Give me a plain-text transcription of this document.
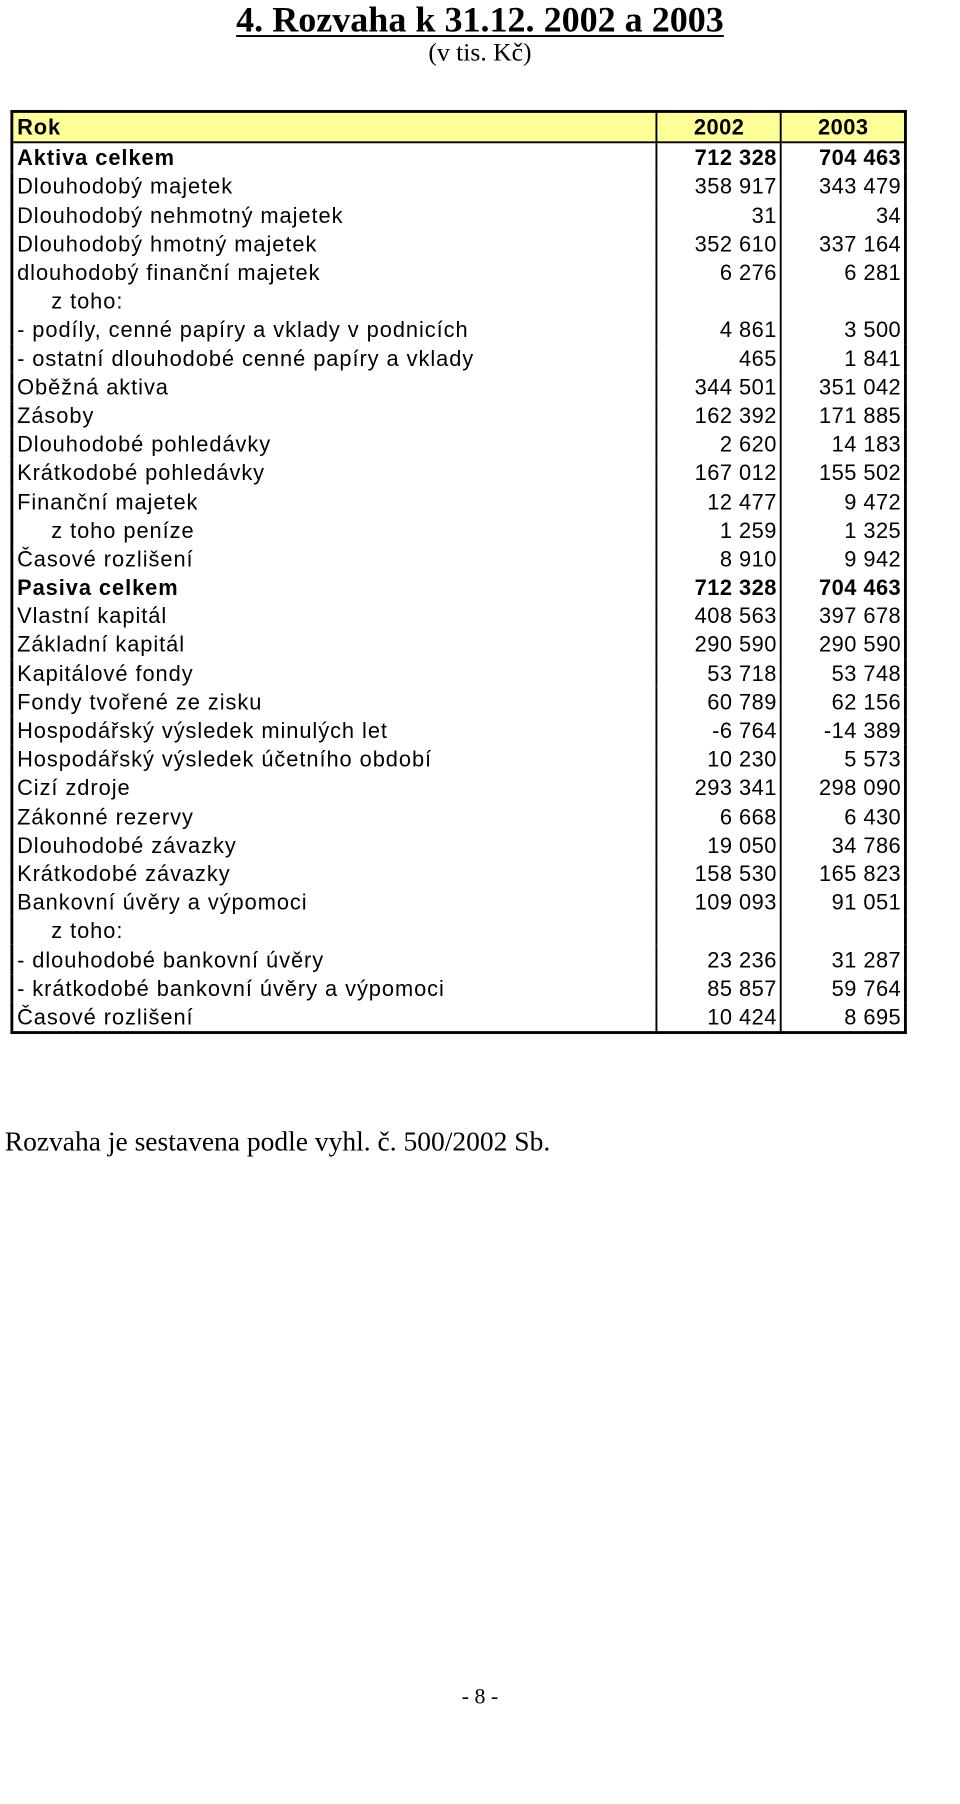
4. Rozvaha k 31.12. 2002 a 2003
(v tis. Kč)
Rok	2002	2003
Aktiva celkem	712 328	704 463
Dlouhodobý majetek	358 917	343 479
Dlouhodobý nehmotný majetek	31	34
Dlouhodobý hmotný majetek	352 610	337 164
dlouhodobý finanční majetek	6 276	6 281
z toho:		
- podíly, cenné papíry a vklady v podnicích	4 861	3 500
- ostatní dlouhodobé cenné papíry a vklady	465	1 841
Oběžná aktiva	344 501	351 042
Zásoby	162 392	171 885
Dlouhodobé pohledávky	2 620	14 183
Krátkodobé pohledávky	167 012	155 502
Finanční majetek	12 477	9 472
z toho peníze	1 259	1 325
Časové rozlišení	8 910	9 942
Pasiva celkem	712 328	704 463
Vlastní kapitál	408 563	397 678
Základní kapitál	290 590	290 590
Kapitálové fondy	53 718	53 748
Fondy tvořené ze zisku	60 789	62 156
Hospodářský výsledek minulých let	-6 764	-14 389
Hospodářský výsledek účetního období	10 230	5 573
Cizí zdroje	293 341	298 090
Zákonné rezervy	6 668	6 430
Dlouhodobé závazky	19 050	34 786
Krátkodobé závazky	158 530	165 823
Bankovní úvěry a výpomoci	109 093	91 051
z toho:		
- dlouhodobé bankovní úvěry	23 236	31 287
- krátkodobé bankovní úvěry a výpomoci	85 857	59 764
Časové rozlišení	10 424	8 695
Rozvaha je sestavena podle vyhl. č. 500/2002 Sb.
- 8 -
